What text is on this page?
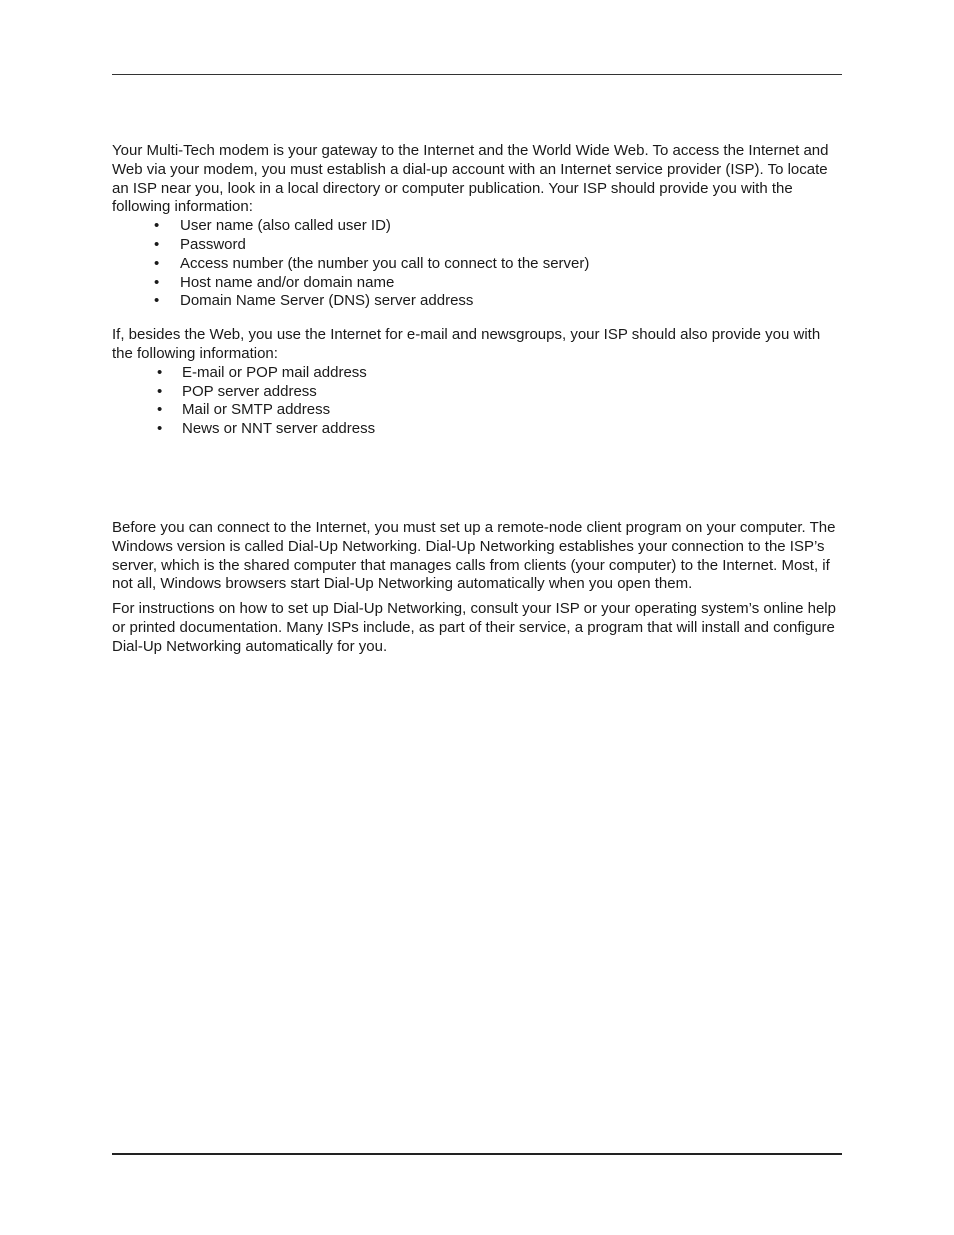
Your Multi-Tech modem is your gateway to the Internet and the World Wide Web. To access the Internet and Web via your modem, you must establish a dial-up account with an Internet service provider (ISP). To locate an ISP near you, look in a local directory or computer publication. Your ISP should provide you with the following information:

• User name (also called user ID)
• Password
• Access number (the number you call to connect to the server)
• Host name and/or domain name
• Domain Name Server (DNS) server address

If, besides the Web, you use the Internet for e-mail and newsgroups, your ISP should also provide you with the following information:

• E-mail or POP mail address
• POP server address
• Mail or SMTP address
• News or NNT server address

Before you can connect to the Internet, you must set up a remote-node client program on your computer. The Windows version is called Dial-Up Networking. Dial-Up Networking establishes your connection to the ISP’s server, which is the shared computer that manages calls from clients (your computer) to the Internet. Most, if not all, Windows browsers start Dial-Up Networking automatically when you open them.

For instructions on how to set up Dial-Up Networking, consult your ISP or your operating system’s online help or printed documentation. Many ISPs include, as part of their service, a program that will install and configure Dial-Up Networking automatically for you.
